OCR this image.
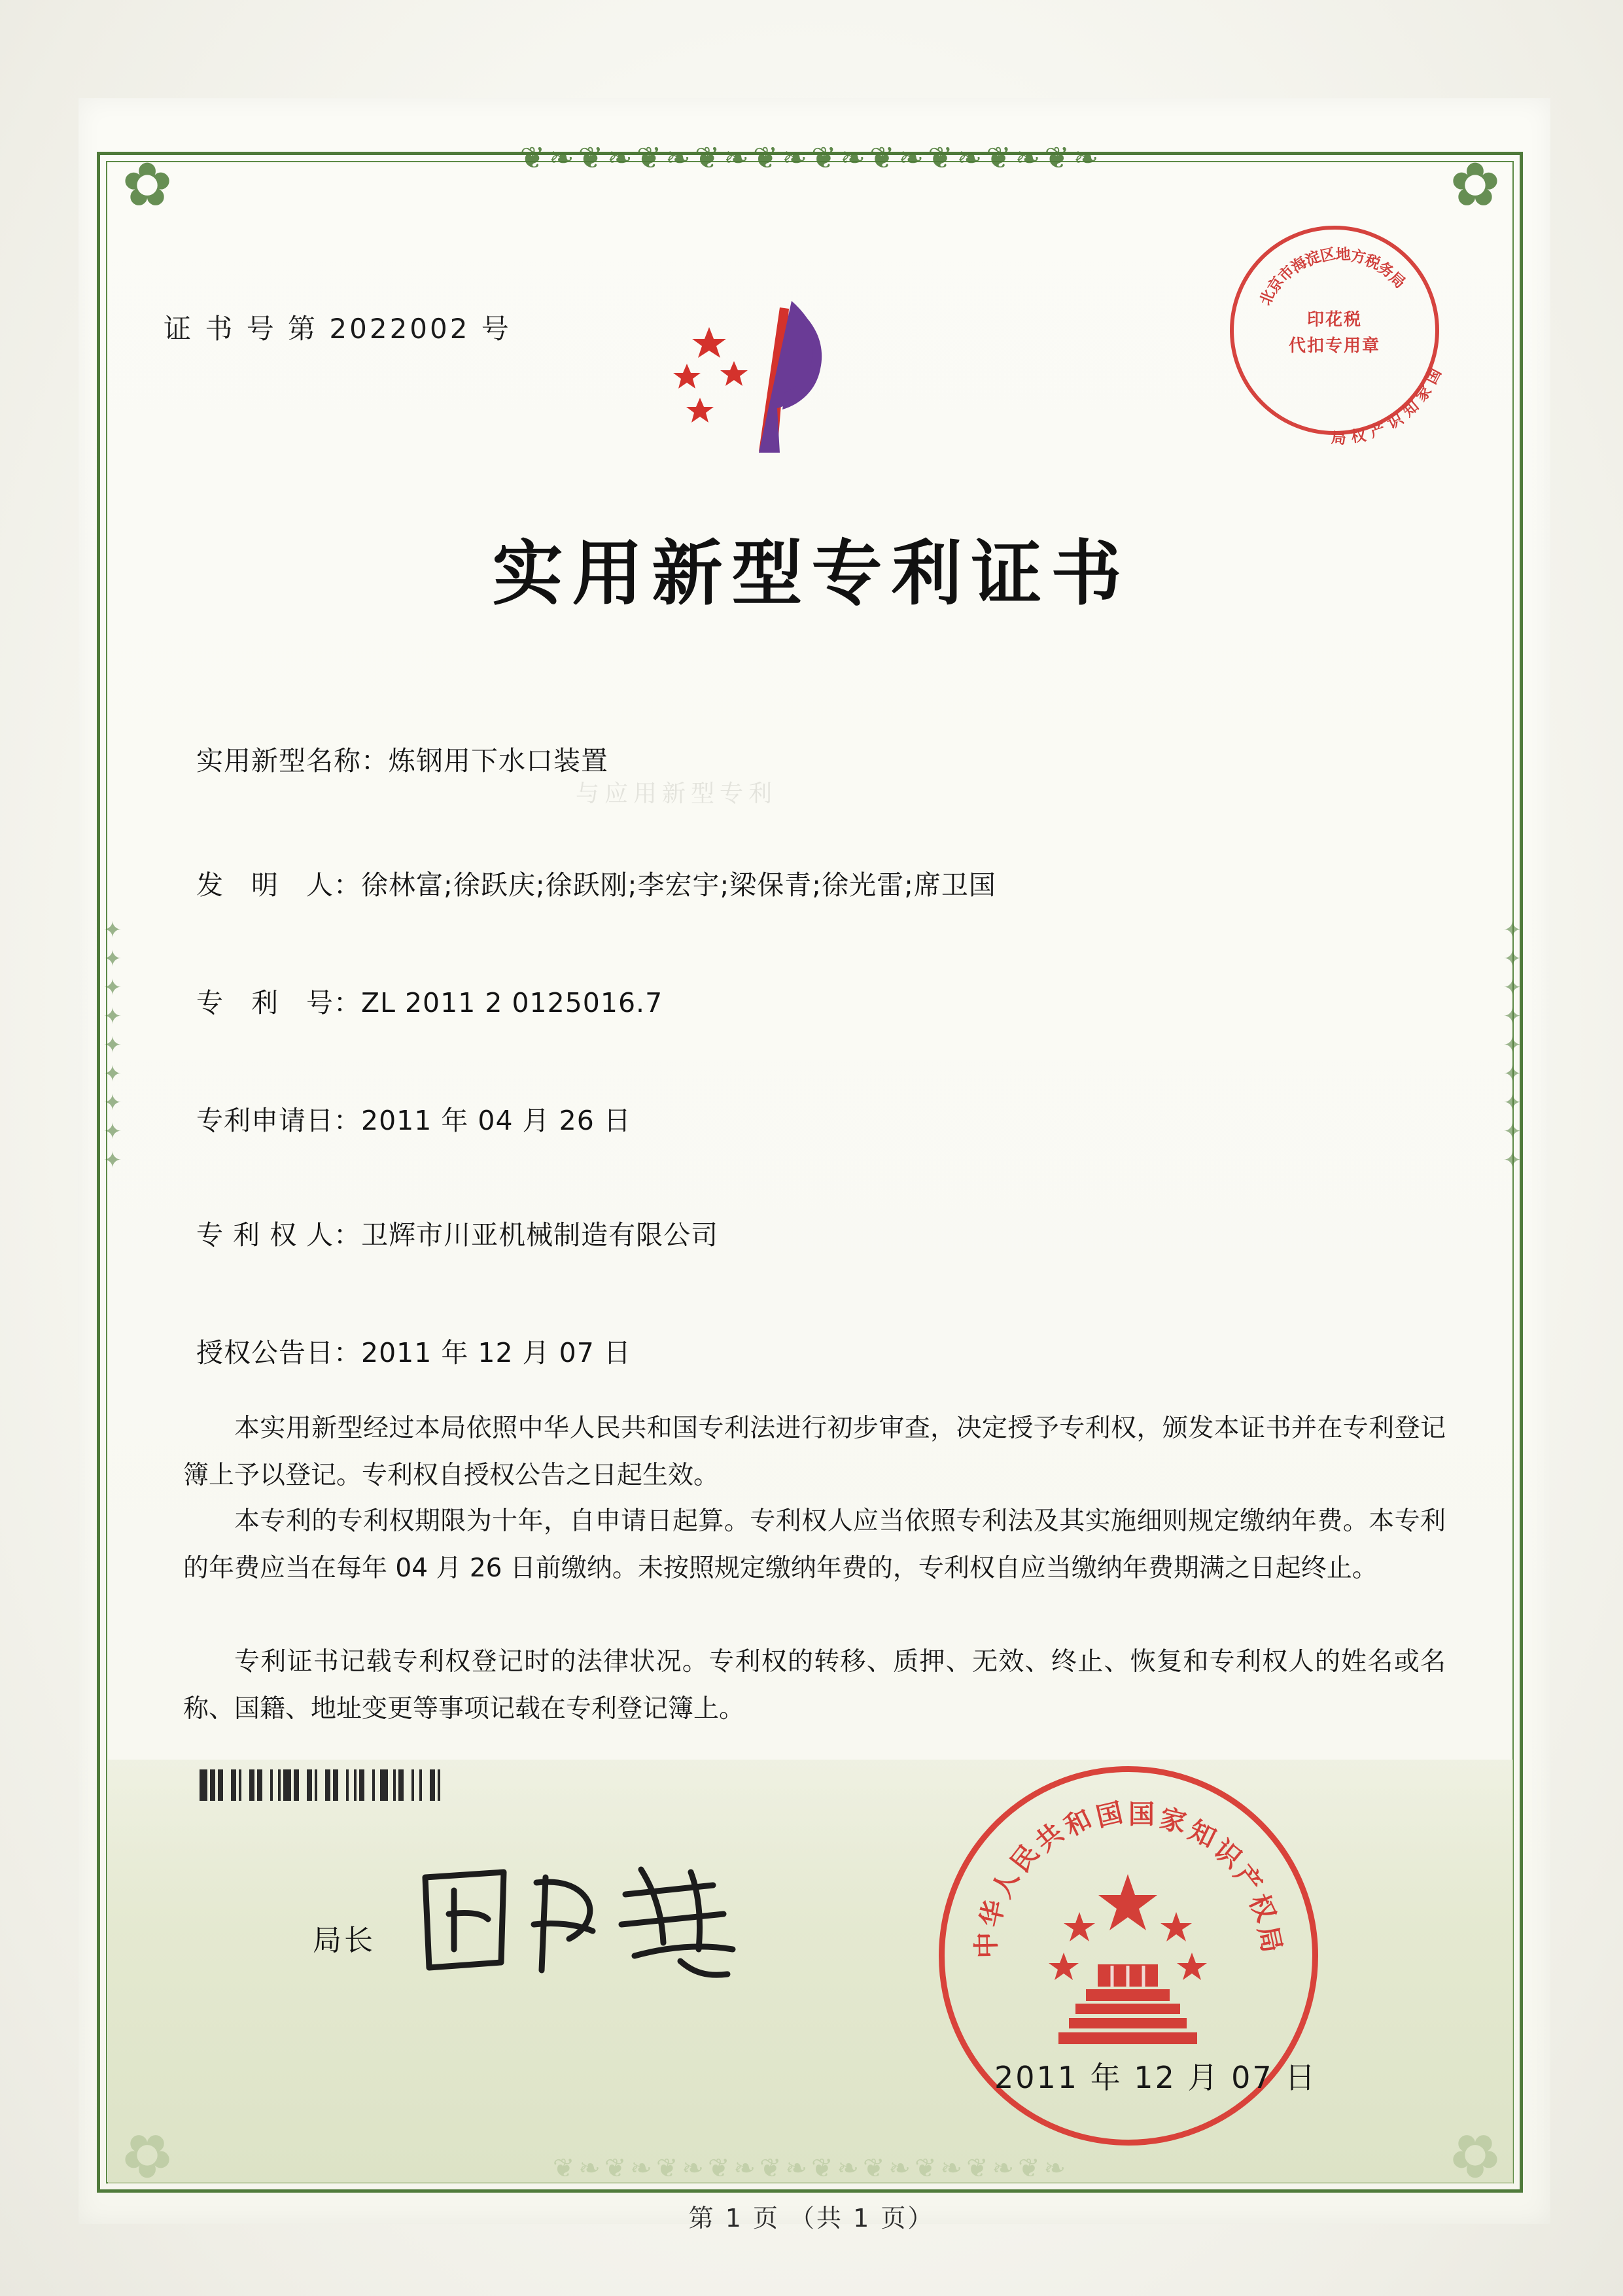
✿	✿
❦❧❦❧❦❧❦❧❦❧❦❧❦❧❦❧❦❧❦❧
✦
✦
✦
✦
✦
✦
✦
✦
✦
✦
✦
✦
✦
✦
✦
✦
✦
✦
证 书 号 第 2022002 号
北
京
市
海
淀
区
地
方
税
务
局
国
家
知
识
产
权
局
印花税
代扣专用章
实用新型专利证书
与应用新型专利
实用新型名称：炼钢用下水口装置
发　明　人：徐林富;徐跃庆;徐跃刚;李宏宇;梁保青;徐光雷;席卫国
专　利　号：ZL 2011 2 0125016.7
专利申请日：2011 年 04 月 26 日
专 利 权 人：卫辉市川亚机械制造有限公司
授权公告日：2011 年 12 月 07 日
本实用新型经过本局依照中华人民共和国专利法进行初步审查，决定授予专利权，颁发本证书并在专利登记簿上予以登记。专利权自授权公告之日起生效。
本专利的专利权期限为十年，自申请日起算。专利权人应当依照专利法及其实施细则规定缴纳年费。本专利的年费应当在每年 04 月 26 日前缴纳。未按照规定缴纳年费的，专利权自应当缴纳年费期满之日起终止。
专利证书记载专利权登记时的法律状况。专利权的转移、质押、无效、终止、恢复和专利权人的姓名或名称、国籍、地址变更等事项记载在专利登记簿上。
局长	中
华
人
民
共
和
国 国 家
知
识
产
权
局
2011 年 12 月 07 日
第 1 页 （共 1 页）
